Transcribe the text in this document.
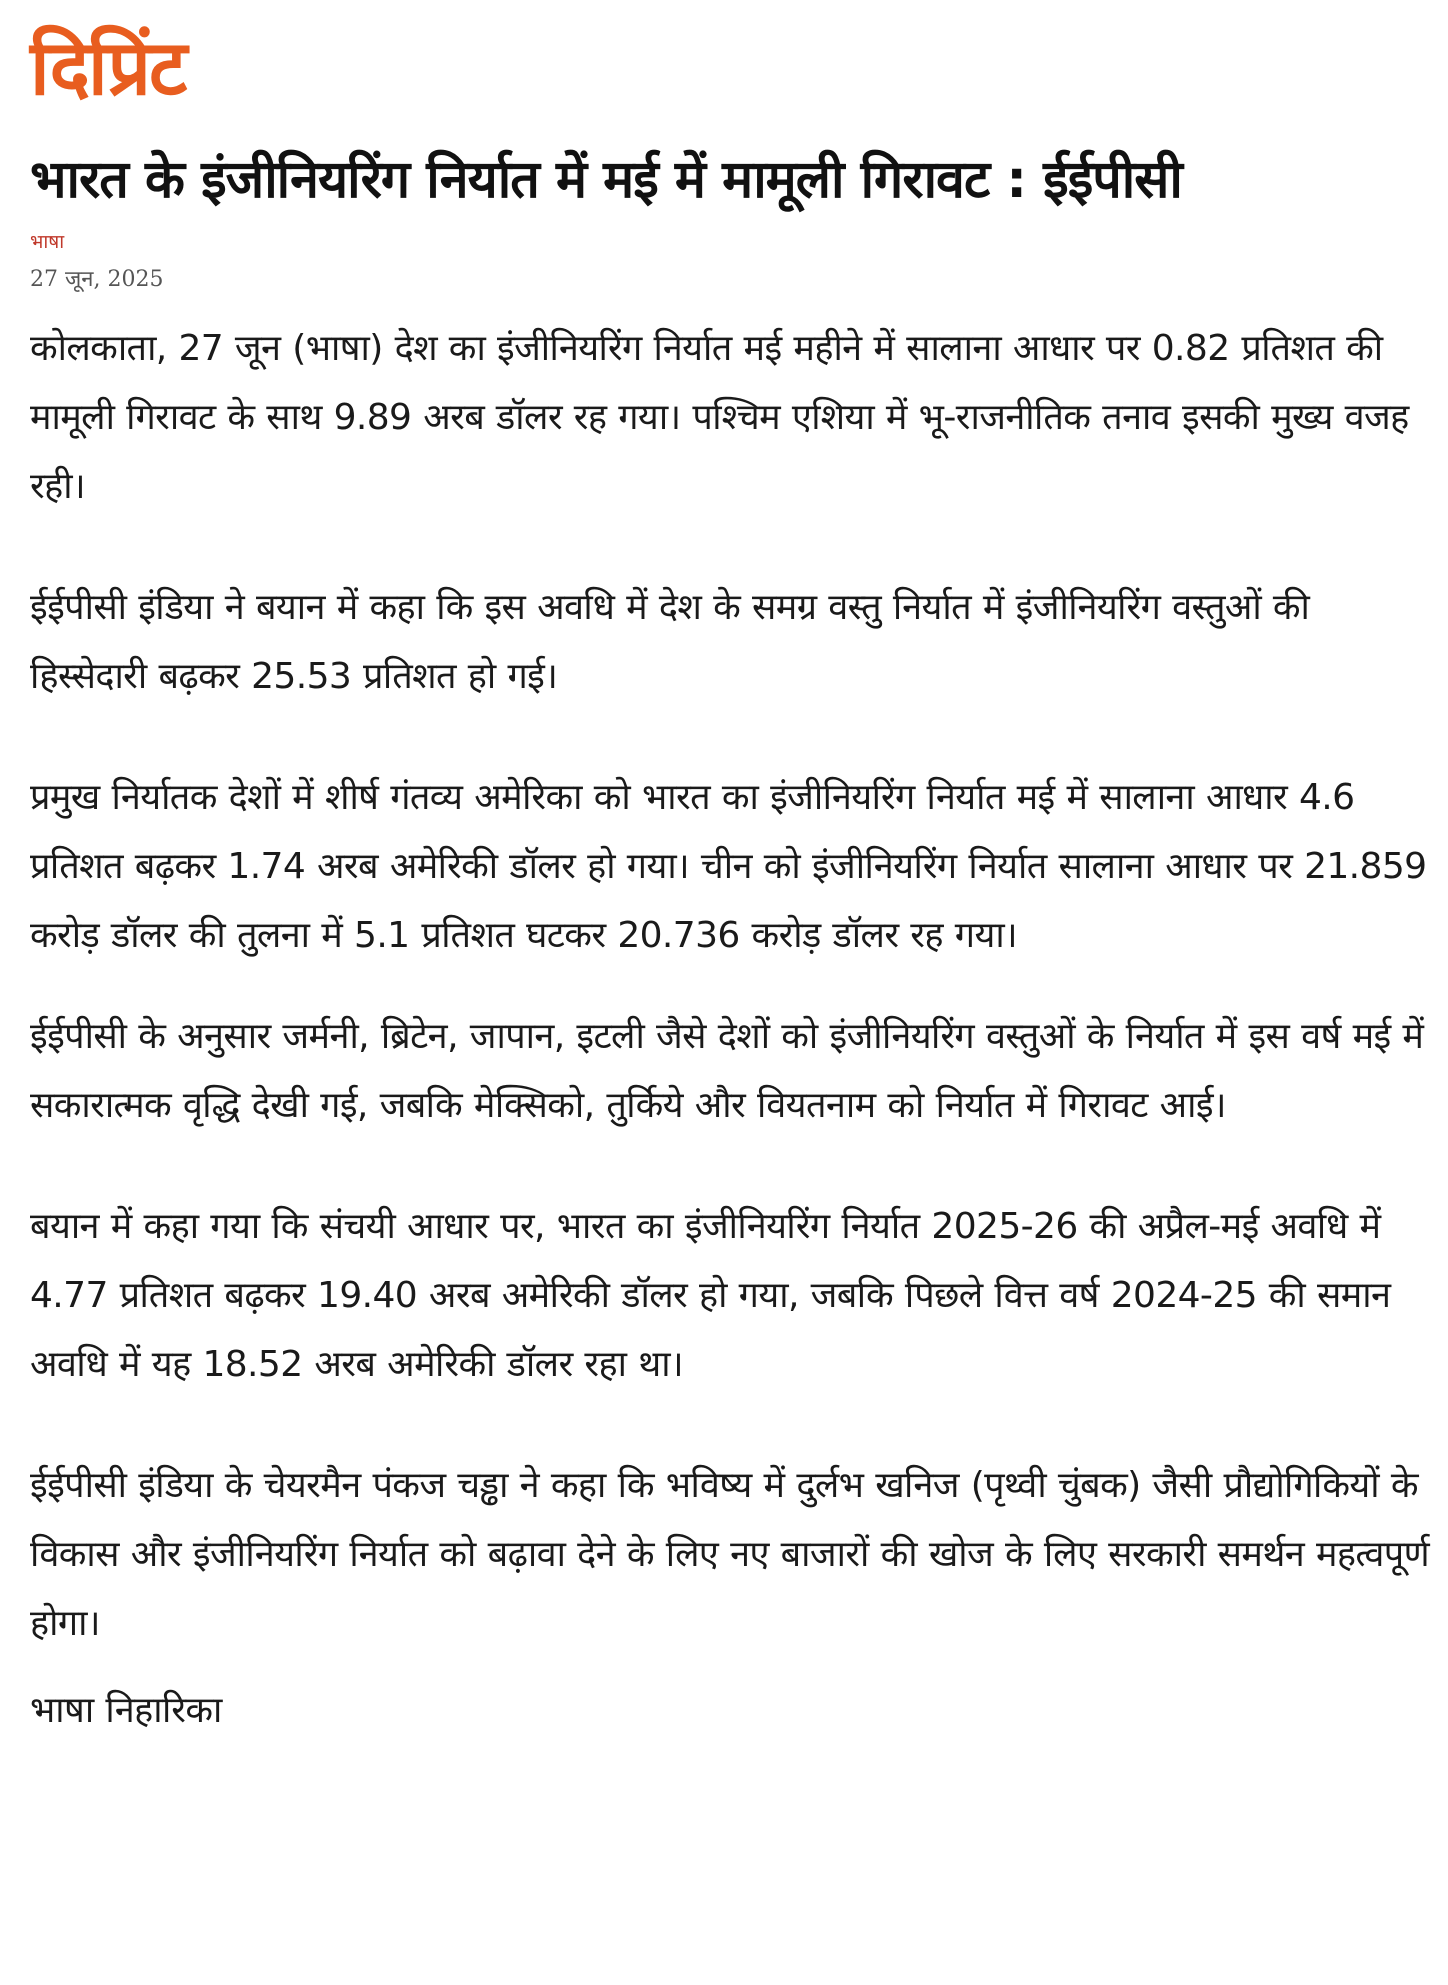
दिप्रिंट
भारत के इंजीनियरिंग निर्यात में मई में मामूली गिरावट : ईईपीसी
भाषा
27 जून, 2025

कोलकाता, 27 जून (भाषा) देश का इंजीनियरिंग निर्यात मई महीने में सालाना आधार पर 0.82 प्रतिशत की मामूली गिरावट के साथ 9.89 अरब डॉलर रह गया। पश्चिम एशिया में भू-राजनीतिक तनाव इसकी मुख्य वजह रही।

ईईपीसी इंडिया ने बयान में कहा कि इस अवधि में देश के समग्र वस्तु निर्यात में इंजीनियरिंग वस्तुओं की हिस्सेदारी बढ़कर 25.53 प्रतिशत हो गई।

प्रमुख निर्यातक देशों में शीर्ष गंतव्य अमेरिका को भारत का इंजीनियरिंग निर्यात मई में सालाना आधार 4.6 प्रतिशत बढ़कर 1.74 अरब अमेरिकी डॉलर हो गया। चीन को इंजीनियरिंग निर्यात सालाना आधार पर 21.859 करोड़ डॉलर की तुलना में 5.1 प्रतिशत घटकर 20.736 करोड़ डॉलर रह गया।

ईईपीसी के अनुसार जर्मनी, ब्रिटेन, जापान, इटली जैसे देशों को इंजीनियरिंग वस्तुओं के निर्यात में इस वर्ष मई में सकारात्मक वृद्धि देखी गई, जबकि मेक्सिको, तुर्किये और वियतनाम को निर्यात में गिरावट आई।

बयान में कहा गया कि संचयी आधार पर, भारत का इंजीनियरिंग निर्यात 2025-26 की अप्रैल-मई अवधि में 4.77 प्रतिशत बढ़कर 19.40 अरब अमेरिकी डॉलर हो गया, जबकि पिछले वित्त वर्ष 2024-25 की समान अवधि में यह 18.52 अरब अमेरिकी डॉलर रहा था।

ईईपीसी इंडिया के चेयरमैन पंकज चड्ढा ने कहा कि भविष्य में दुर्लभ खनिज (पृथ्वी चुंबक) जैसी प्रौद्योगिकियों के विकास और इंजीनियरिंग निर्यात को बढ़ावा देने के लिए नए बाजारों की खोज के लिए सरकारी समर्थन महत्वपूर्ण होगा।

भाषा निहारिका
